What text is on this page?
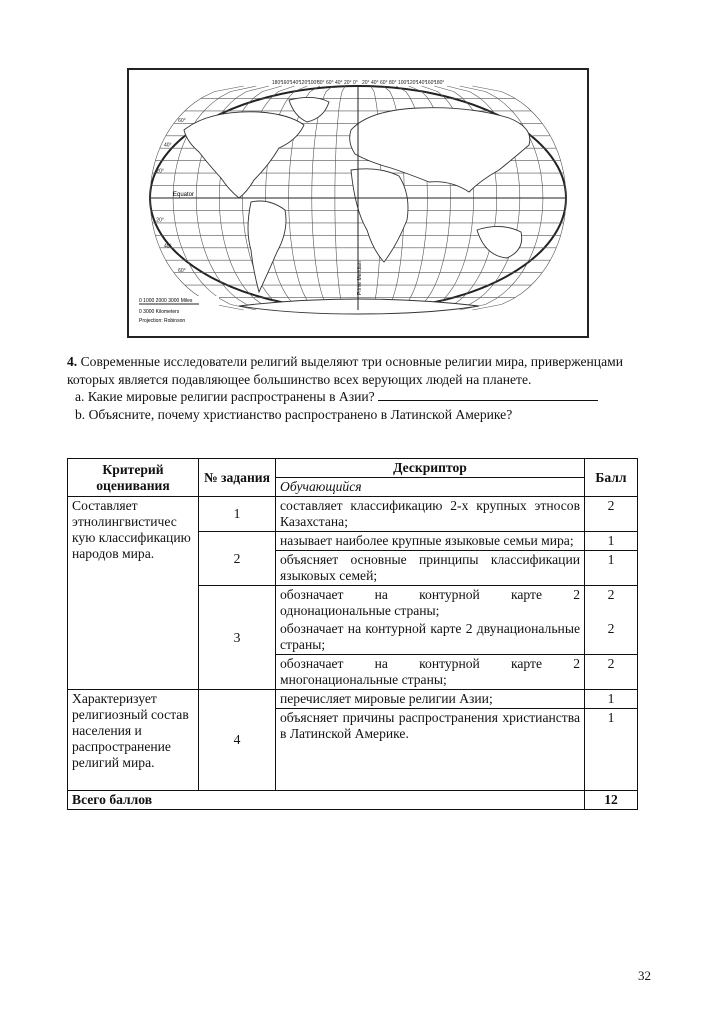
Equator
Prime Meridian
180°
160°
140°
120°
100°
80° 60° 40° 20° 0° 20° 40° 60° 80° 100°
120°
140°
160°
180°
60°
40°
20°
20°
40°
60°
0 1000 2000 3000 Miles
0 3000 Kilometers
Projection: Robinson

4. Современные исследователи религий выделяют три основные религии мира, приверженцами которых является подавляющее большинство всех верующих людей на планете.

a. Какие мировые религии распространены в Азии?

b. Объясните, почему христианство распространено в Латинской Америке?

Критерий оценивания	№ задания	Дескриптор	Балл
		Обучающийся	
Составляет этнолингвистичес кую классификацию народов мира.	1	составляет классификацию 2-х крупных этносов Казахстана;	2
	2	называет наиболее крупные языковые семьи мира;	1
		объясняет основные принципы классификации языковых семей;	1
	3	обозначает на контурной карте 2 однонациональные страны;	2
		обозначает на контурной карте 2 двунациональные страны;	2
		обозначает на контурной карте 2 многонациональные страны;	2
Характеризует религиозный состав населения и распространение религий мира.	4	перечисляет мировые религии Азии;	1
		объясняет причины распространения христианства в Латинской Америке.	1
Всего баллов			12
32
